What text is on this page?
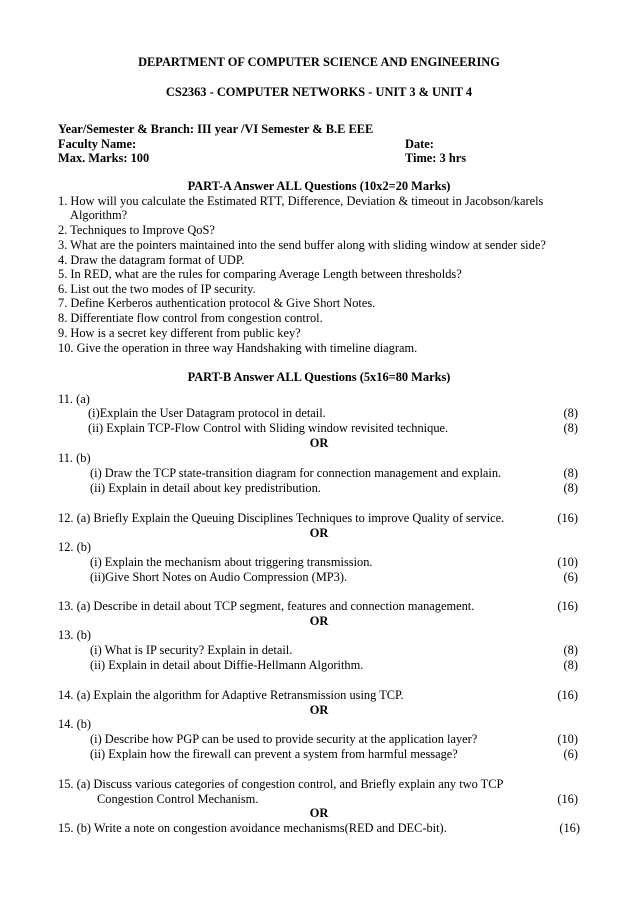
DEPARTMENT OF COMPUTER SCIENCE AND ENGINEERING
CS2363 - COMPUTER NETWORKS - UNIT 3 & UNIT 4
Year/Semester & Branch: III year /VI Semester & B.E EEE
Faculty Name:	Date:
Max. Marks: 100	Time: 3 hrs
PART-A Answer ALL Questions (10x2=20 Marks)
1. How will you calculate the Estimated RTT, Difference, Deviation & timeout in Jacobson/karels
Algorithm?
2. Techniques to Improve QoS?
3. What are the pointers maintained into the send buffer along with sliding window at sender side?
4. Draw the datagram format of UDP.
5. In RED, what are the rules for comparing Average Length between thresholds?
6. List out the two modes of IP security.
7. Define Kerberos authentication protocol & Give Short Notes.
8. Differentiate flow control from congestion control.
9. How is a secret key different from public key?
10. Give the operation in three way Handshaking with timeline diagram.
PART-B Answer ALL Questions (5x16=80 Marks)
11. (a)
(i)Explain the User Datagram protocol in detail.	(8)
(ii) Explain TCP-Flow Control with Sliding window revisited technique.	(8)
OR
11. (b)
(i) Draw the TCP state-transition diagram for connection management and explain.	(8)
(ii) Explain in detail about key predistribution.	(8)
12. (a) Briefly Explain the Queuing Disciplines Techniques to improve Quality of service.	(16)
OR
12. (b)
(i) Explain the mechanism about triggering transmission.	(10)
(ii)Give Short Notes on Audio Compression (MP3).	(6)
13. (a) Describe in detail about TCP segment, features and connection management.	(16)
OR
13. (b)
(i) What is IP security? Explain in detail.	(8)
(ii) Explain in detail about Diffie-Hellmann Algorithm.	(8)
14. (a) Explain the algorithm for Adaptive Retransmission using TCP.	(16)
OR
14. (b)
(i) Describe how PGP can be used to provide security at the application layer?	(10)
(ii) Explain how the firewall can prevent a system from harmful message?	(6)
15. (a) Discuss various categories of congestion control, and Briefly explain any two TCP
Congestion Control Mechanism.	(16)
OR
15. (b) Write a note on congestion avoidance mechanisms(RED and DEC-bit).	(16)
